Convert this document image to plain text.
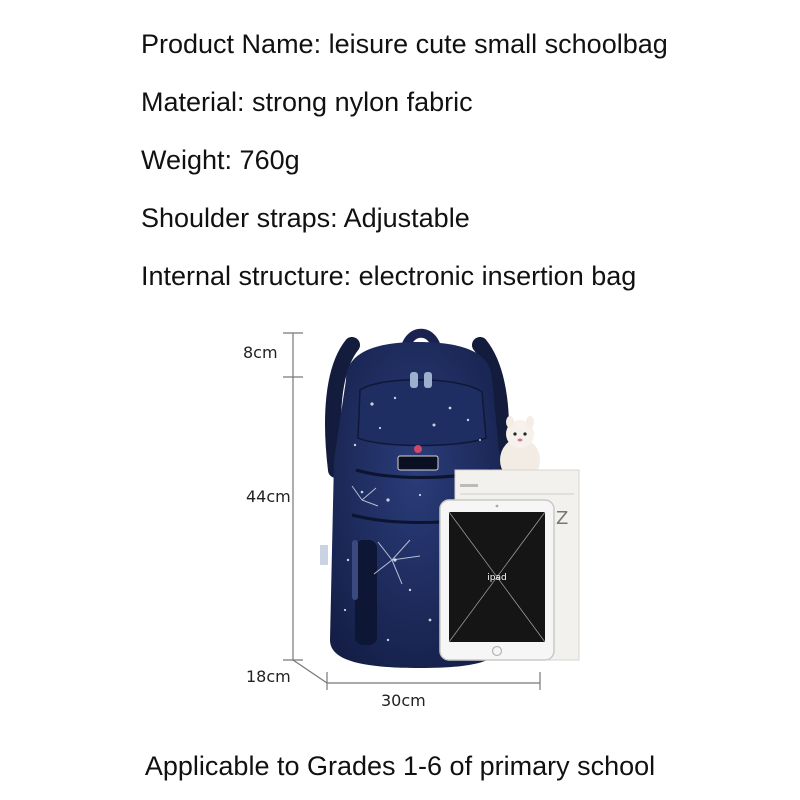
Product Name: leisure cute small schoolbag
Material: strong nylon fabric
Weight: 760g
Shoulder straps: Adjustable
Internal structure: electronic insertion bag
Z
ipad
8cm
44cm
18cm
30cm
Applicable to Grades 1-6 of primary school
